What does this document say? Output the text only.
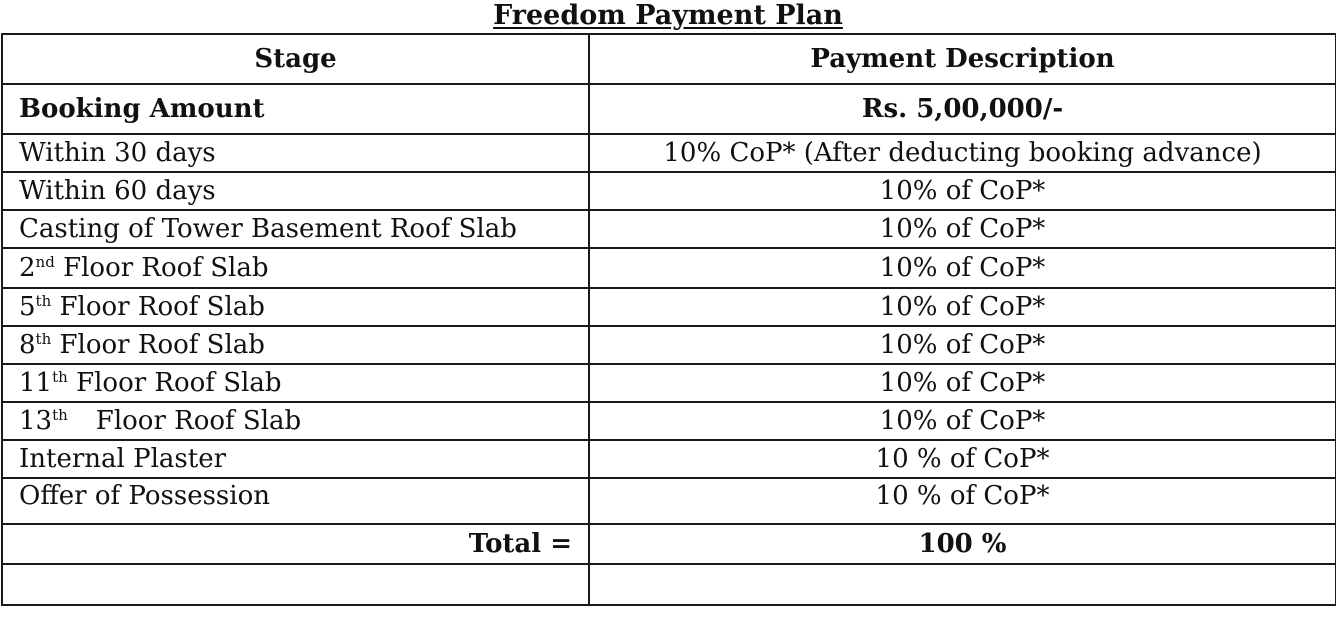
Freedom Payment Plan
Stage	Payment Description
Booking Amount	Rs. 5,00,000/-
Within 30 days	10% CoP* (After deducting booking advance)
Within 60 days	10% of CoP*
Casting of Tower Basement Roof Slab	10% of CoP*
2nd Floor Roof Slab	10% of CoP*
5th Floor Roof Slab	10% of CoP*
8th Floor Roof Slab	10% of CoP*
11th Floor Roof Slab	10% of CoP*
13th Floor Roof Slab	10% of CoP*
Internal Plaster	10 % of CoP*
Offer of Possession	10 % of CoP*
Total =	100 %
